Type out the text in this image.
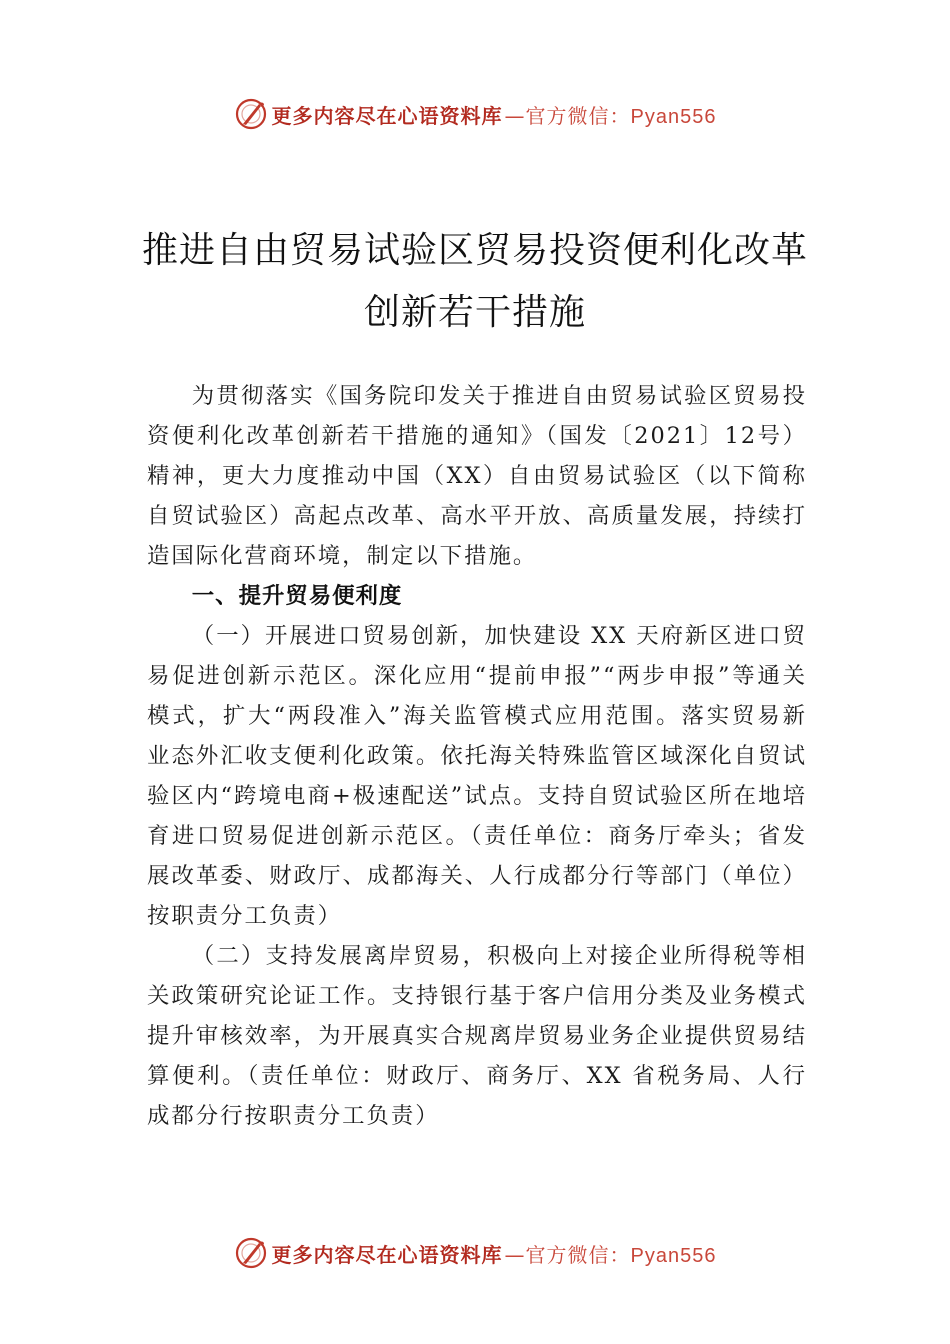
更多内容尽在心语资料库 —官方微信： Pyan556
推进自由贸易试验区贸易投资便利化改革
创新若干措施

为贯彻落实《国务院印发关于推进自由贸易试验区贸易投资便利化改革创新若干措施的通知》（国发〔2021〕12号）精神，更大力度推动中国（XX）自由贸易试验区（以下简称自贸试验区）高起点改革、高水平开放、高质量发展，持续打造国际化营商环境，制定以下措施。

一、提升贸易便利度

（一）开展进口贸易创新，加快建设 XX 天府新区进口贸易促进创新示范区。深化应用“提前申报”“两步申报”等通关模式，扩大“两段准入”海关监管模式应用范围。落实贸易新业态外汇收支便利化政策。依托海关特殊监管区域深化自贸试验区内“跨境电商+极速配送”试点。支持自贸试验区所在地培育进口贸易促进创新示范区。（责任单位：商务厅牵头；省发展改革委、财政厅、成都海关、人行成都分行等部门（单位）按职责分工负责）

（二）支持发展离岸贸易，积极向上对接企业所得税等相关政策研究论证工作。支持银行基于客户信用分类及业务模式提升审核效率，为开展真实合规离岸贸易业务企业提供贸易结算便利。（责任单位：财政厅、商务厅、XX 省税务局、人行成都分行按职责分工负责）

更多内容尽在心语资料库 —官方微信： Pyan556
